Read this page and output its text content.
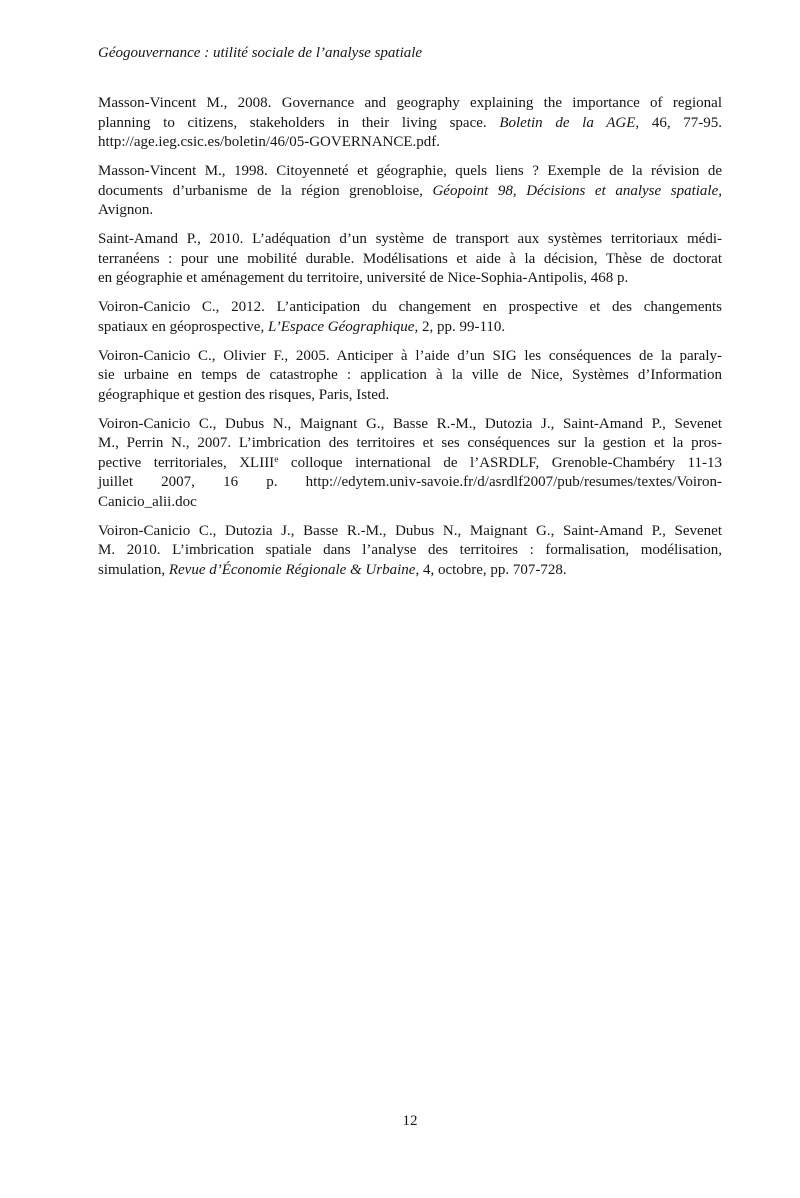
Géogouvernance : utilité sociale de l’analyse spatiale
Masson-Vincent M., 2008. Governance and geography explaining the importance of regional
planning to citizens, stakeholders in their living space. Boletin de la AGE, 46, 77-95.
http://age.ieg.csic.es/boletin/46/05-GOVERNANCE.pdf.
Masson-Vincent M., 1998. Citoyenneté et géographie, quels liens ? Exemple de la révision de
documents d’urbanisme de la région grenobloise, Géopoint 98, Décisions et analyse spatiale,
Avignon.
Saint-Amand P., 2010. L’adéquation d’un système de transport aux systèmes territoriaux médi-
terranéens : pour une mobilité durable. Modélisations et aide à la décision, Thèse de doctorat
en géographie et aménagement du territoire, université de Nice-Sophia-Antipolis, 468 p.
Voiron-Canicio C., 2012. L’anticipation du changement en prospective et des changements
spatiaux en géoprospective, L’Espace Géographique, 2, pp. 99-110.
Voiron-Canicio C., Olivier F., 2005. Anticiper à l’aide d’un SIG les conséquences de la paraly-
sie urbaine en temps de catastrophe : application à la ville de Nice, Systèmes d’Information
géographique et gestion des risques, Paris, Isted.
Voiron-Canicio C., Dubus N., Maignant G., Basse R.-M., Dutozia J., Saint-Amand P., Sevenet
M., Perrin N., 2007. L’imbrication des territoires et ses conséquences sur la gestion et la pros-
pective territoriales, XLIIIe colloque international de l’ASRDLF, Grenoble-Chambéry 11-13
juillet 2007, 16 p. http://edytem.univ-savoie.fr/d/asrdlf2007/pub/resumes/textes/Voiron-
Canicio_alii.doc
Voiron-Canicio C., Dutozia J., Basse R.-M., Dubus N., Maignant G., Saint-Amand P., Sevenet
M. 2010. L’imbrication spatiale dans l’analyse des territoires : formalisation, modélisation,
simulation, Revue d’Économie Régionale & Urbaine, 4, octobre, pp. 707-728.
12
